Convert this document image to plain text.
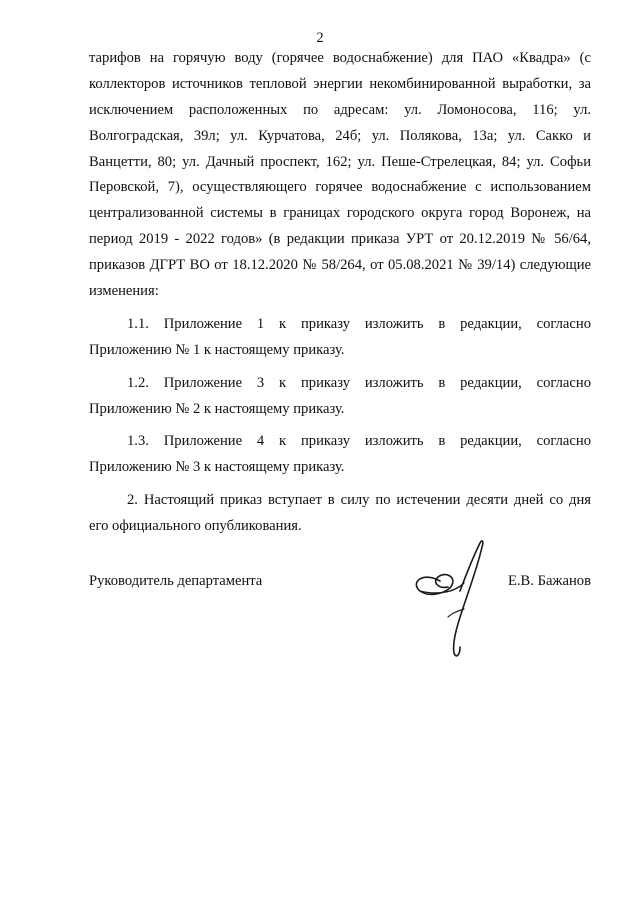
2
тарифов на горячую воду (горячее водоснабжение) для ПАО «Квадра» (с
коллекторов источников тепловой энергии некомбинированной выработки, за
исключением расположенных по адресам: ул. Ломоносова, 116; ул.
Волгоградская, 39л; ул. Курчатова, 24б; ул. Полякова, 13а; ул. Сакко и
Ванцетти, 80; ул. Дачный проспект, 162; ул. Пеше-Стрелецкая, 84; ул. Софьи
Перовской, 7), осуществляющего горячее водоснабжение с использованием
централизованной системы в границах городского округа город Воронеж, на
период 2019 - 2022 годов» (в редакции приказа УРТ от 20.12.2019 № 56/64,
приказов ДГРТ ВО от 18.12.2020 № 58/264, от 05.08.2021 № 39/14) следующие
изменения:
1.1. Приложение 1 к приказу изложить в редакции, согласно
Приложению № 1 к настоящему приказу.
1.2. Приложение 3 к приказу изложить в редакции, согласно
Приложению № 2 к настоящему приказу.
1.3. Приложение 4 к приказу изложить в редакции, согласно
Приложению № 3 к настоящему приказу.
2. Настоящий приказ вступает в силу по истечении десяти дней со дня
его официального опубликования.
Руководитель департамента	Е.В. Бажанов
